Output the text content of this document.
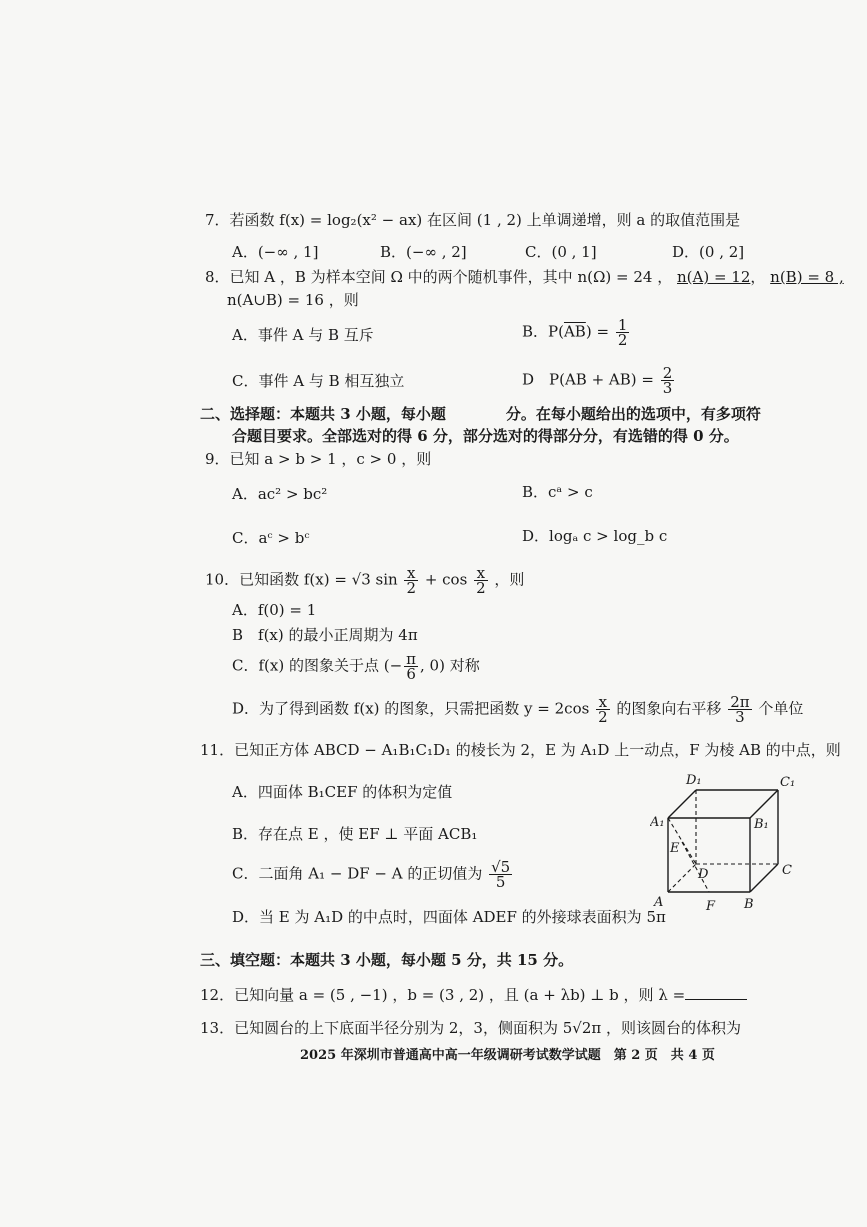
7．若函数 f(x) = log₂(x² − ax) 在区间 (1 , 2) 上单调递增，则 a 的取值范围是
A．(−∞ , 1]	B．(−∞ , 2]	C．(0 , 1]	D．(0 , 2]
8．已知 A ，B 为样本空间 Ω 中的两个随机事件，其中 n(Ω) = 24 ， n(A) = 12， n(B) = 8 ,
n(A∪B) = 16 ，则
A．事件 A 与 B 互斥	B．$P(\overline{AB}) = \frac{1}{2}$
C．事件 A 与 B 相互独立	D　$P(AB + AB) = \frac{2}{3}$
二、选择题：本题共 3 小题，每小题　　　　分。在每小题给出的选项中，有多项符
合题目要求。全部选对的得 6 分，部分选对的得部分分，有选错的得 0 分。
9．已知 a > b > 1 ，c > 0 ，则
A．ac² > bc²	B．cᵃ > c
C．aᶜ > bᶜ	D．logₐ c > log_b c
10．已知函数 f(x) = √3 $\sin \frac{x}{2} + \cos \frac{x}{2}$ ，则
A．f(0) = 1
B　f(x) 的最小正周期为 4π
C．f(x) 的图象关于点 (− $\frac{\pi}{6}$ , 0) 对称
D．为了得到函数 f(x) 的图象，只需把函数 $y = 2\cos \frac{x}{2}$ 的图象向右平移 $\frac{2\pi}{3}$ 个单位
11．已知正方体 ABCD − A₁B₁C₁D₁ 的棱长为 2，E 为 A₁D 上一动点，F 为棱 AB 的中点，则
A．四面体 B₁CEF 的体积为定值
B．存在点 E ，使 EF ⊥ 平面 ACB₁
C．二面角 A₁ − DF − A 的正切值为 $\frac{√5}{5}$
D．当 E 为 A₁D 的中点时，四面体 ADEF 的外接球表面积为 5π
A	B
C
D
A₁	B₁
C₁
D₁
E
F
三、填空题：本题共 3 小题，每小题 5 分，共 15 分。
12．已知向量 a = (5 , −1) ，b = (3 , 2) ，且 (a + λb) ⊥ b ，则 λ =
13．已知圆台的上下底面半径分别为 2，3，侧面积为 5√2π ，则该圆台的体积为
2025 年深圳市普通高中高一年级调研考试数学试题　第 2 页　共 4 页
